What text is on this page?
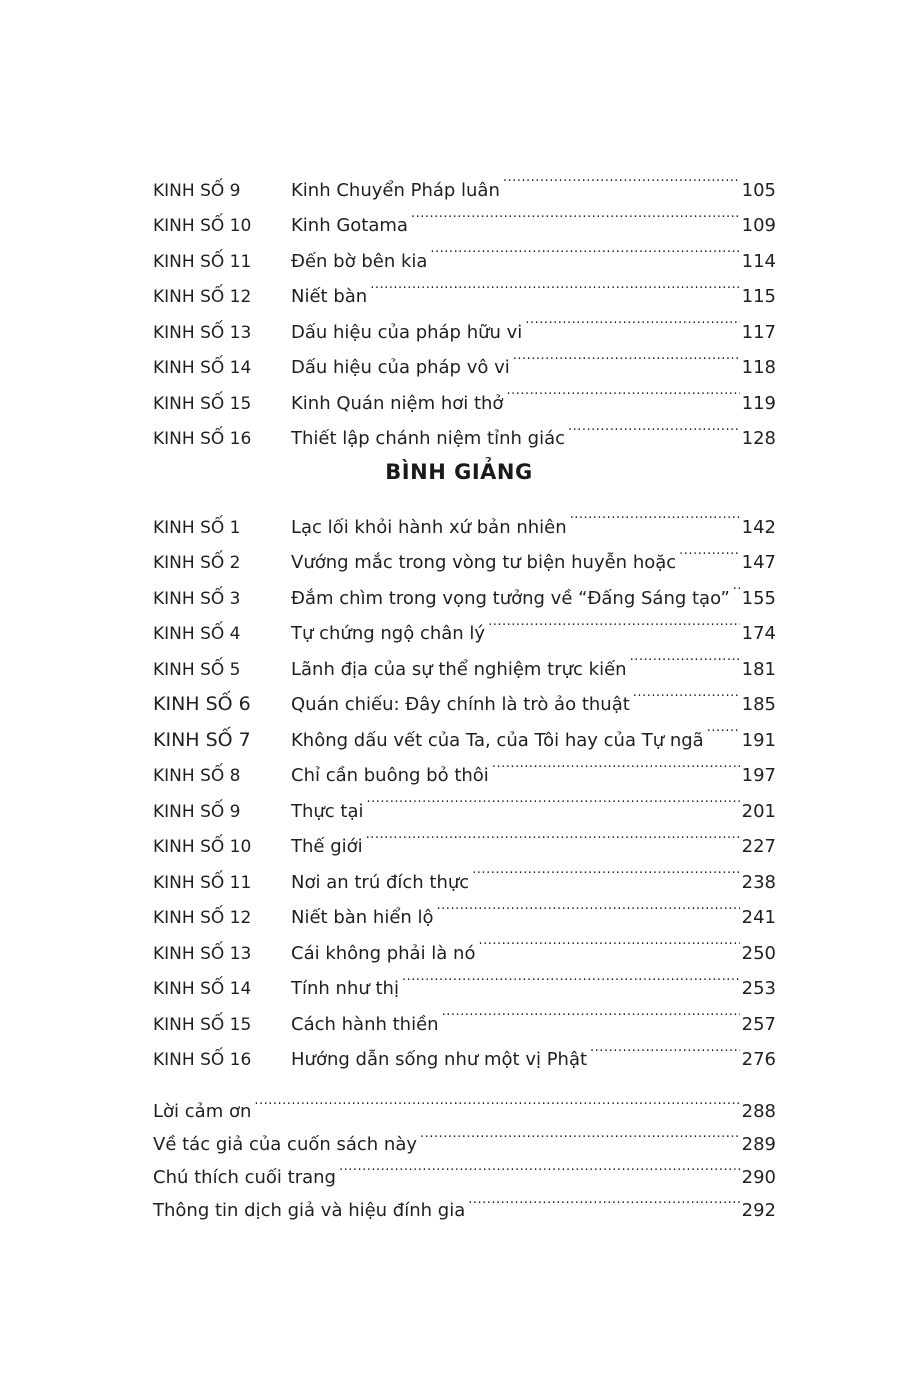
KINH SỐ 9	Kinh Chuyển Pháp luân .....	105
KINH SỐ 10	Kinh Gotama .....	109
KINH SỐ 11	Đến bờ bên kia .....	114
KINH SỐ 12	Niết bàn .....	115
KINH SỐ 13	Dấu hiệu của pháp hữu vi .....	117
KINH SỐ 14	Dấu hiệu của pháp vô vi .....	118
KINH SỐ 15	Kinh Quán niệm hơi thở .....	119
KINH SỐ 16	Thiết lập chánh niệm tỉnh giác .....	128
BÌNH GIẢNG
KINH SỐ 1	Lạc lối khỏi hành xứ bản nhiên .....	142
KINH SỐ 2	Vướng mắc trong vòng tư biện huyễn hoặc .....	147
KINH SỐ 3	Đắm chìm trong vọng tưởng về “Đấng Sáng tạo” ..... 155
KINH SỐ 4	Tự chứng ngộ chân lý .....	174
KINH SỐ 5	Lãnh địa của sự thể nghiệm trực kiến .....	181
KINH SỐ 6	Quán chiếu: Đây chính là trò ảo thuật .....	185
KINH SỐ 7	Không dấu vết của Ta, của Tôi hay của Tự ngã ..... 191
KINH SỐ 8	Chỉ cần buông bỏ thôi .....	197
KINH SỐ 9	Thực tại .....	201
KINH SỐ 10	Thế giới .....	227
KINH SỐ 11	Nơi an trú đích thực .....	238
KINH SỐ 12	Niết bàn hiển lộ .....	241
KINH SỐ 13	Cái không phải là nó .....	250
KINH SỐ 14	Tính như thị .....	253
KINH SỐ 15	Cách hành thiền .....	257
KINH SỐ 16	Hướng dẫn sống như một vị Phật .....	276
Lời cảm ơn .....	288
Về tác giả của cuốn sách này .....	289
Chú thích cuối trang .....	290
Thông tin dịch giả và hiệu đính gia .....	292
